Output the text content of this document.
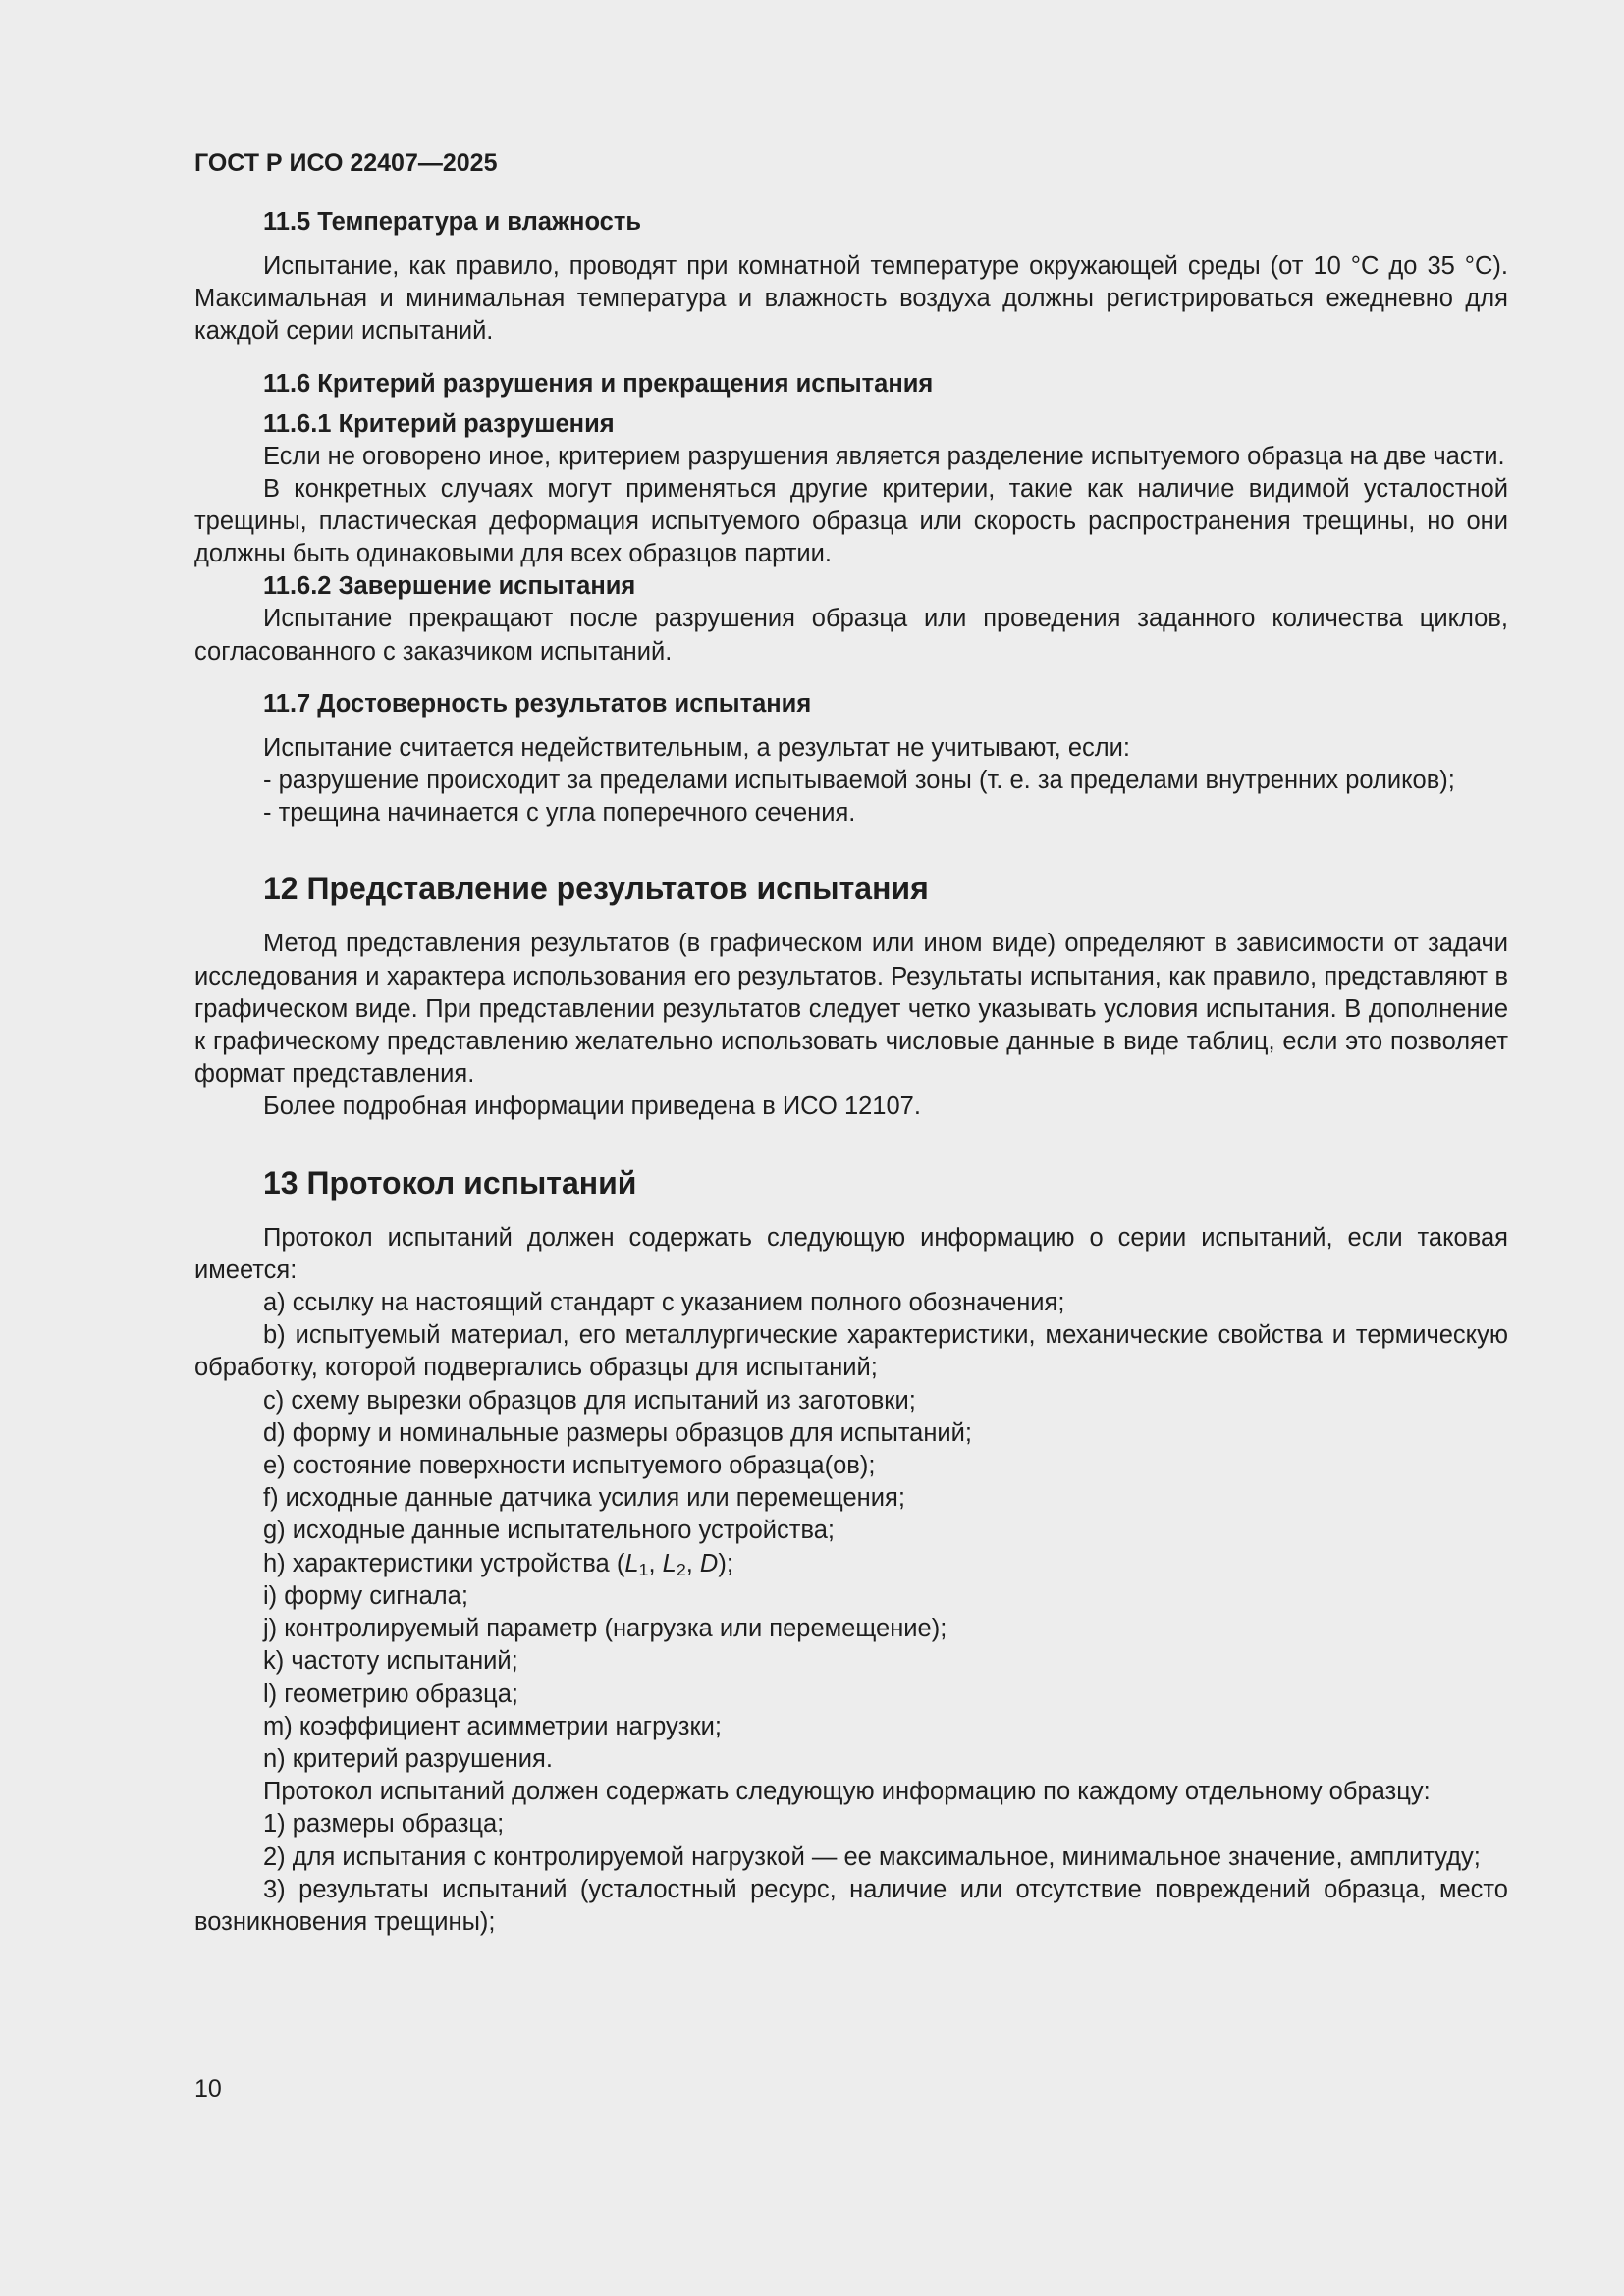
ГОСТ Р ИСО 22407—2025
11.5 Температура и влажность

Испытание, как правило, проводят при комнатной температуре окружающей среды (от 10 °C до 35 °C). Максимальная и минимальная температура и влажность воздуха должны регистрироваться ежедневно для каждой серии испытаний.

11.6 Критерий разрушения и прекращения испытания
11.6.1 Критерий разрушения

Если не оговорено иное, критерием разрушения является разделение испытуемого образца на две части.

В конкретных случаях могут применяться другие критерии, такие как наличие видимой усталостной трещины, пластическая деформация испытуемого образца или скорость распространения трещины, но они должны быть одинаковыми для всех образцов партии.

11.6.2 Завершение испытания

Испытание прекращают после разрушения образца или проведения заданного количества циклов, согласованного с заказчиком испытаний.

11.7 Достоверность результатов испытания

Испытание считается недействительным, а результат не учитывают, если:

- разрушение происходит за пределами испытываемой зоны (т. е. за пределами внутренних роликов);

- трещина начинается с угла поперечного сечения.

12 Представление результатов испытания

Метод представления результатов (в графическом или ином виде) определяют в зависимости от задачи исследования и характера использования его результатов. Результаты испытания, как правило, представляют в графическом виде. При представлении результатов следует четко указывать условия испытания. В дополнение к графическому представлению желательно использовать числовые данные в виде таблиц, если это позволяет формат представления.

Более подробная информации приведена в ИСО 12107.

13 Протокол испытаний

Протокол испытаний должен содержать следующую информацию о серии испытаний, если таковая имеется:

a) ссылку на настоящий стандарт с указанием полного обозначения;

b) испытуемый материал, его металлургические характеристики, механические свойства и термическую обработку, которой подвергались образцы для испытаний;

c) схему вырезки образцов для испытаний из заготовки;

d) форму и номинальные размеры образцов для испытаний;

e) состояние поверхности испытуемого образца(ов);

f) исходные данные датчика усилия или перемещения;

g) исходные данные испытательного устройства;

h) характеристики устройства ($L_1$, $L_2$, D);

i) форму сигнала;

j) контролируемый параметр (нагрузка или перемещение);

k) частоту испытаний;

l) геометрию образца;

m) коэффициент асимметрии нагрузки;

n) критерий разрушения.

Протокол испытаний должен содержать следующую информацию по каждому отдельному образцу:

1) размеры образца;

2) для испытания с контролируемой нагрузкой — ее максимальное, минимальное значение, амплитуду;

3) результаты испытаний (усталостный ресурс, наличие или отсутствие повреждений образца, место возникновения трещины);

10
